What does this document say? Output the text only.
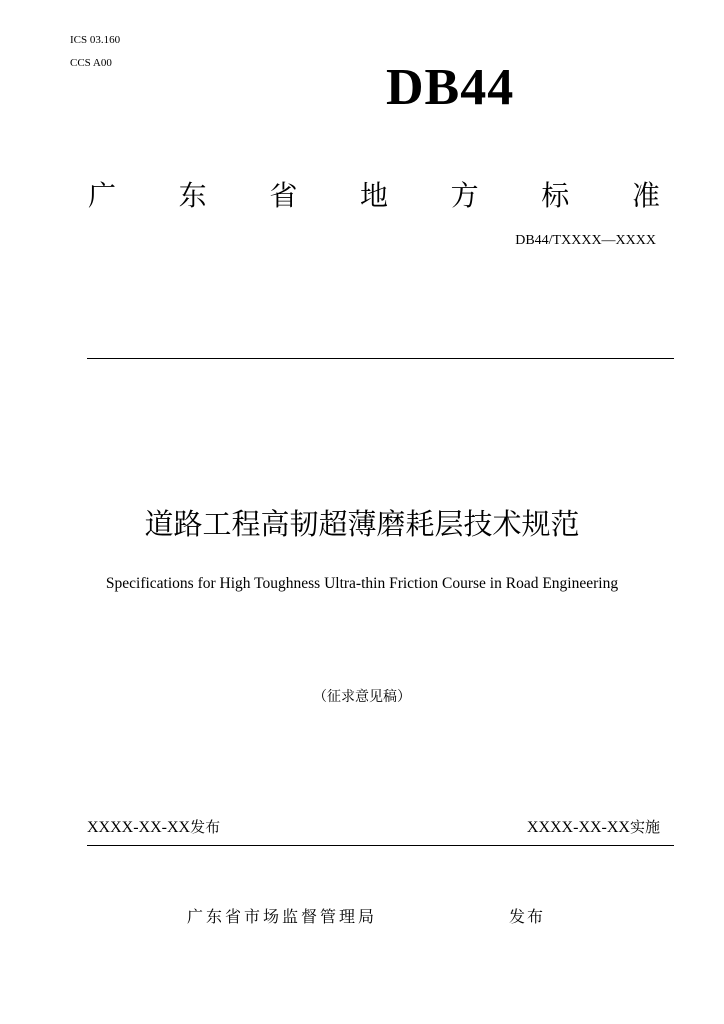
ICS 03.160
CCS A00	DB44
广 东 省 地 方 标 准
DB44/TXXXX—XXXX
道路工程高韧超薄磨耗层技术规范
Specifications for High Toughness Ultra-thin Friction Course in Road Engineering
（征求意见稿）
XXXX-XX-XX发布	XXXX-XX-XX实施
广东省市场监督管理局	发布
